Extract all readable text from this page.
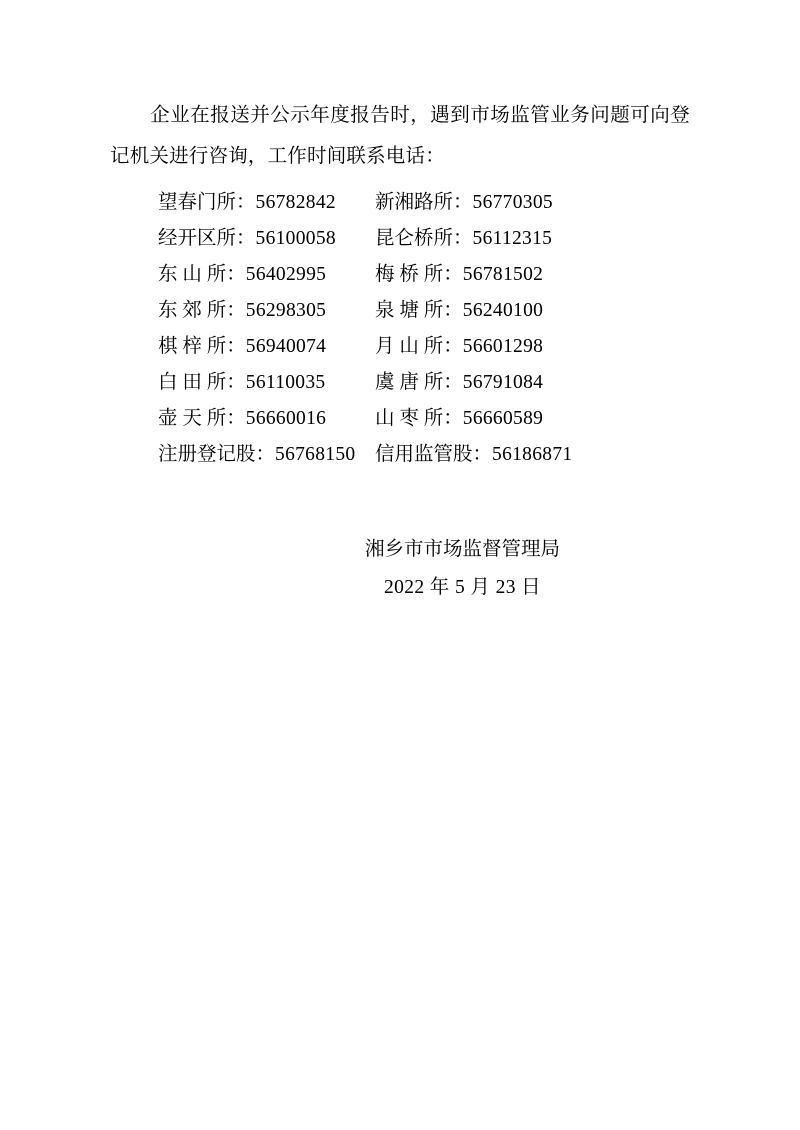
企业在报送并公示年度报告时，遇到市场监管业务问题可向登记机关进行咨询，工作时间联系电话：
望春门所：56782842	新湘路所：56770305
经开区所：56100058	昆仑桥所：56112315
东 山 所：56402995	梅 桥 所：56781502
东 郊 所：56298305	泉 塘 所：56240100
棋 梓 所：56940074	月 山 所：56601298
白 田 所：56110035	虞 唐 所：56791084
壶 天 所：56660016	山 枣 所：56660589
注册登记股：56768150	信用监管股：56186871
湘乡市市场监督管理局
2022 年 5 月 23 日
